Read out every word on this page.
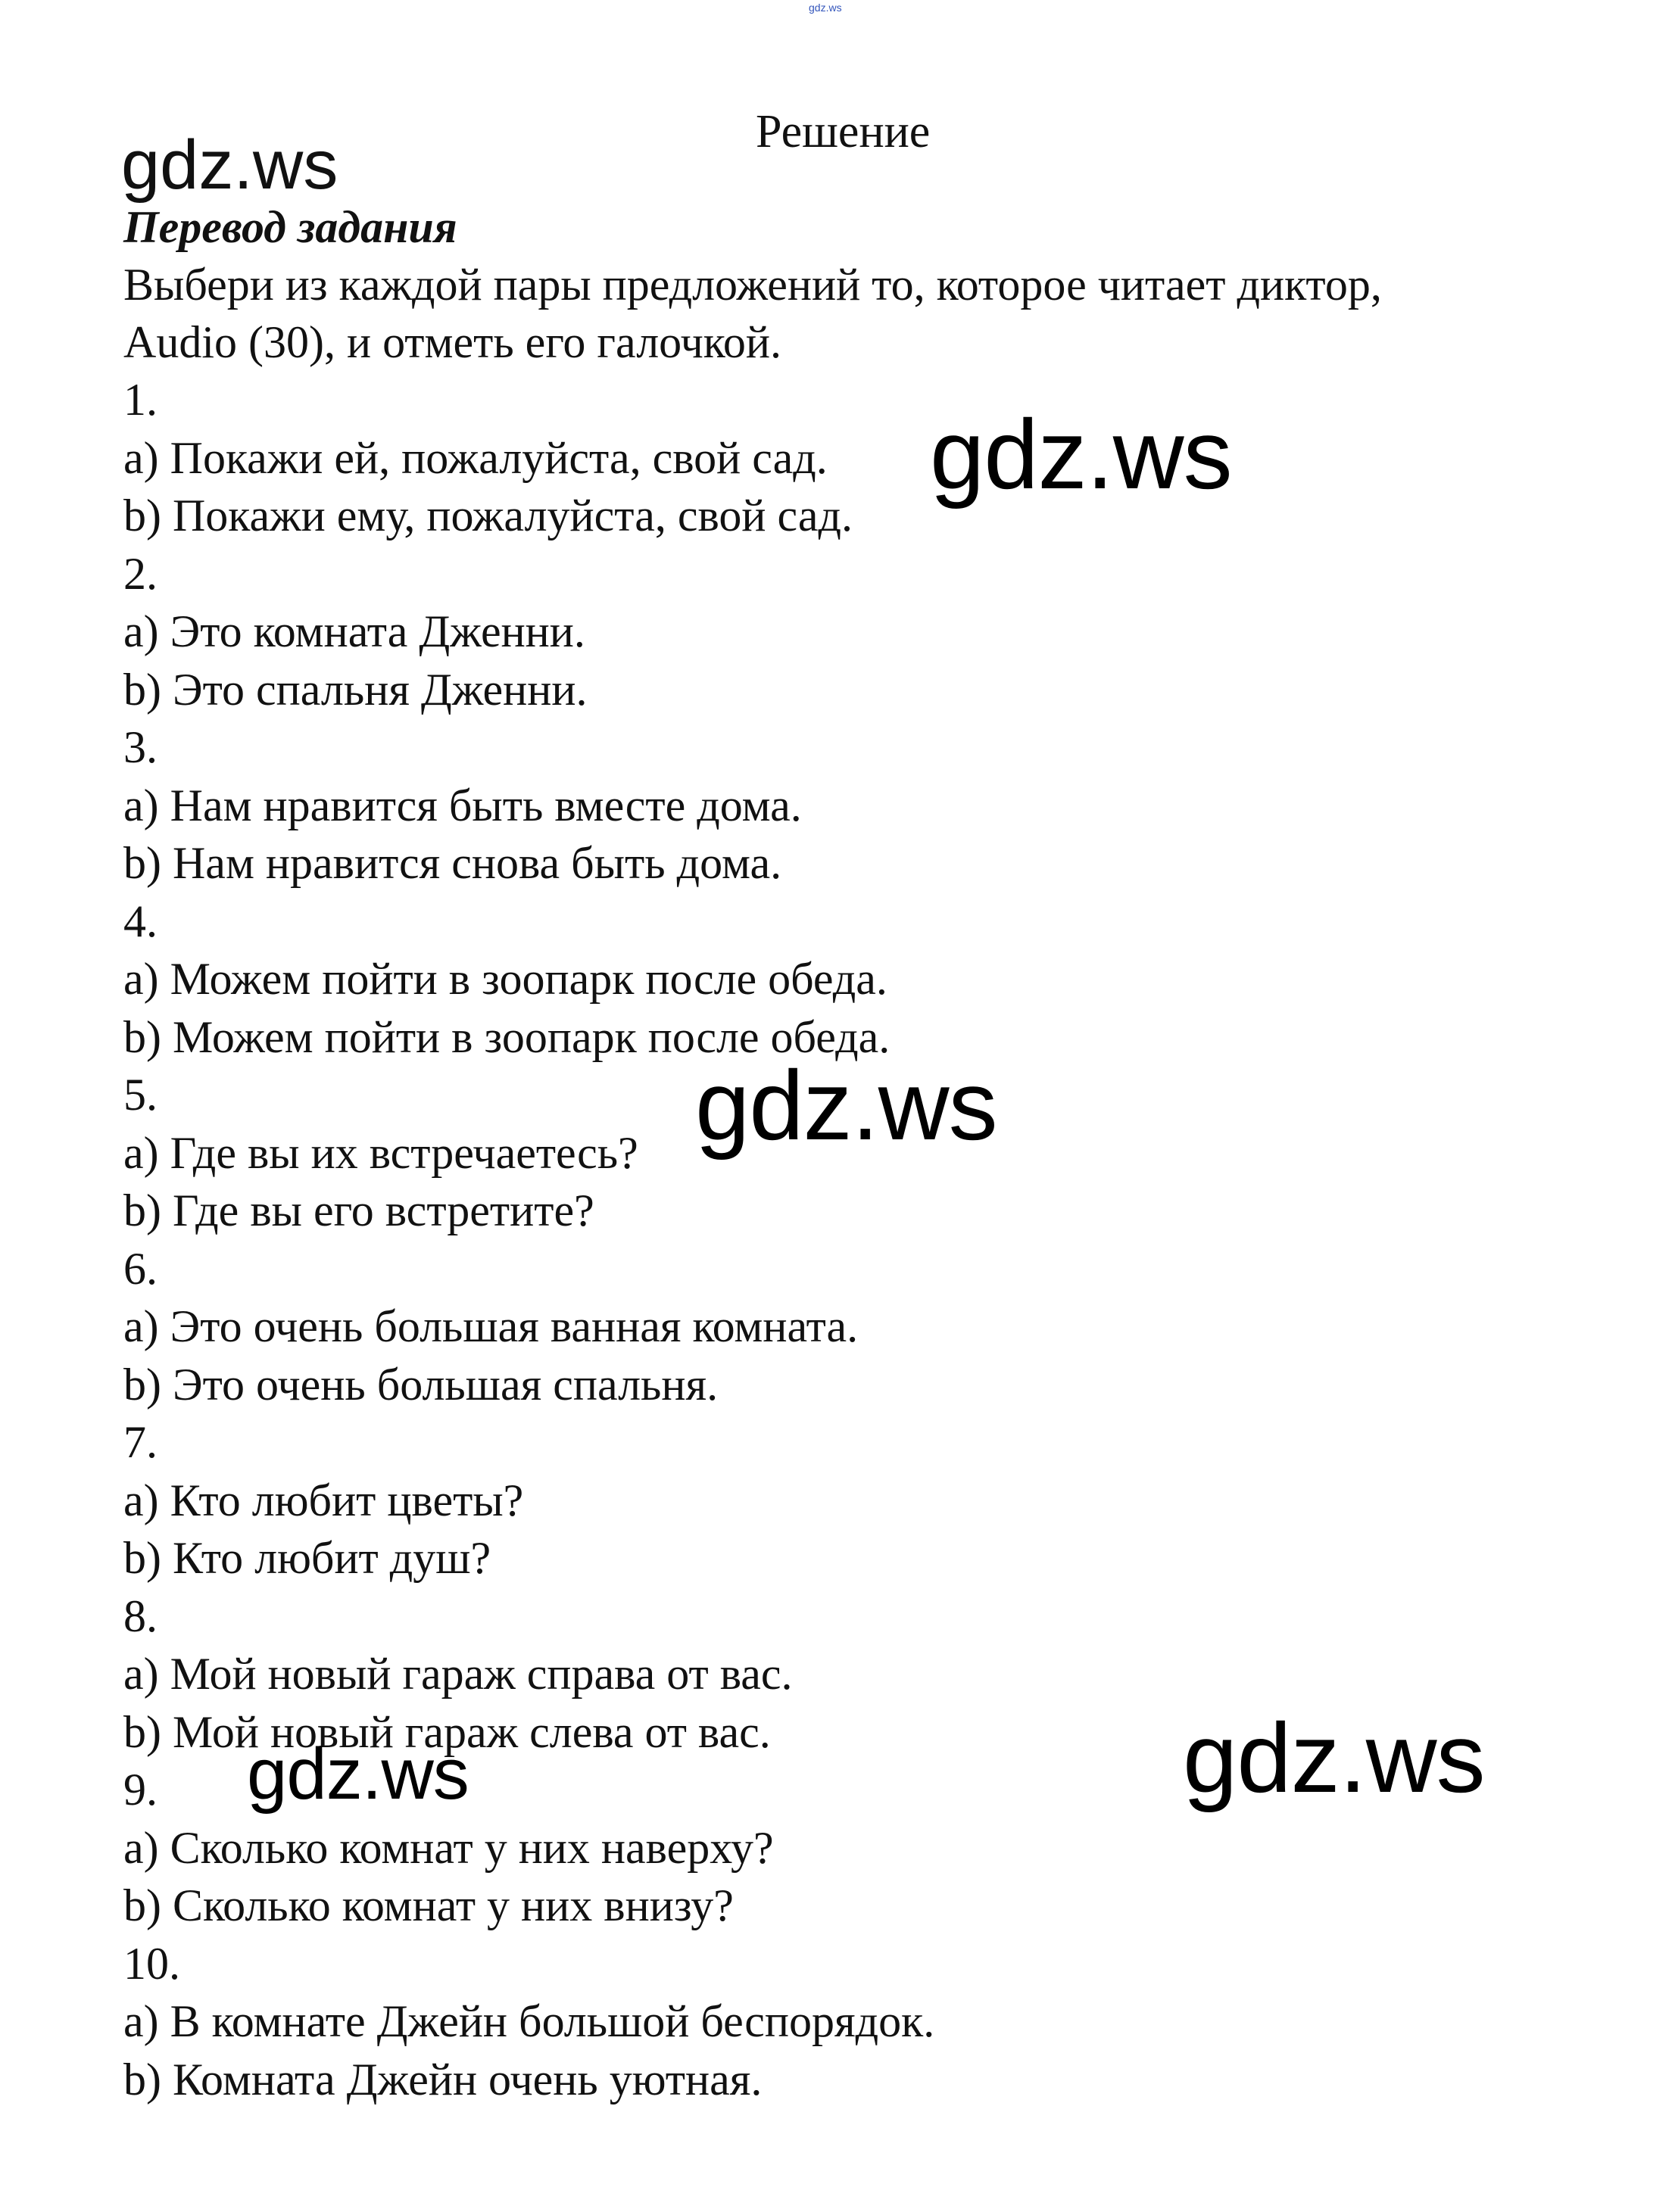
gdz.ws
Решение
gdz.ws
Перевод задания
Выбери из каждой пары предложений то, которое читает диктор,
Audio (30), и отметь его галочкой.
1.
a) Покажи ей, пожалуйста, свой сад.
b) Покажи ему, пожалуйста, свой сад.
2.
a) Это комната Дженни.
b) Это спальня Дженни.
3.
a) Нам нравится быть вместе дома.
b) Нам нравится снова быть дома.
4.
a) Можем пойти в зоопарк после обеда.
b) Можем пойти в зоопарк после обеда.
5.
a) Где вы их встречаетесь?
b) Где вы его встретите?
6.
a) Это очень большая ванная комната.
b) Это очень большая спальня.
7.
a) Кто любит цветы?
b) Кто любит душ?
8.
a) Мой новый гараж справа от вас.
b) Мой новый гараж слева от вас.
9.
a) Сколько комнат у них наверху?
b) Сколько комнат у них внизу?
10.
a) В комнате Джейн большой беспорядок.
b) Комната Джейн очень уютная.
gdz.ws
gdz.ws
gdz.ws
gdz.ws
